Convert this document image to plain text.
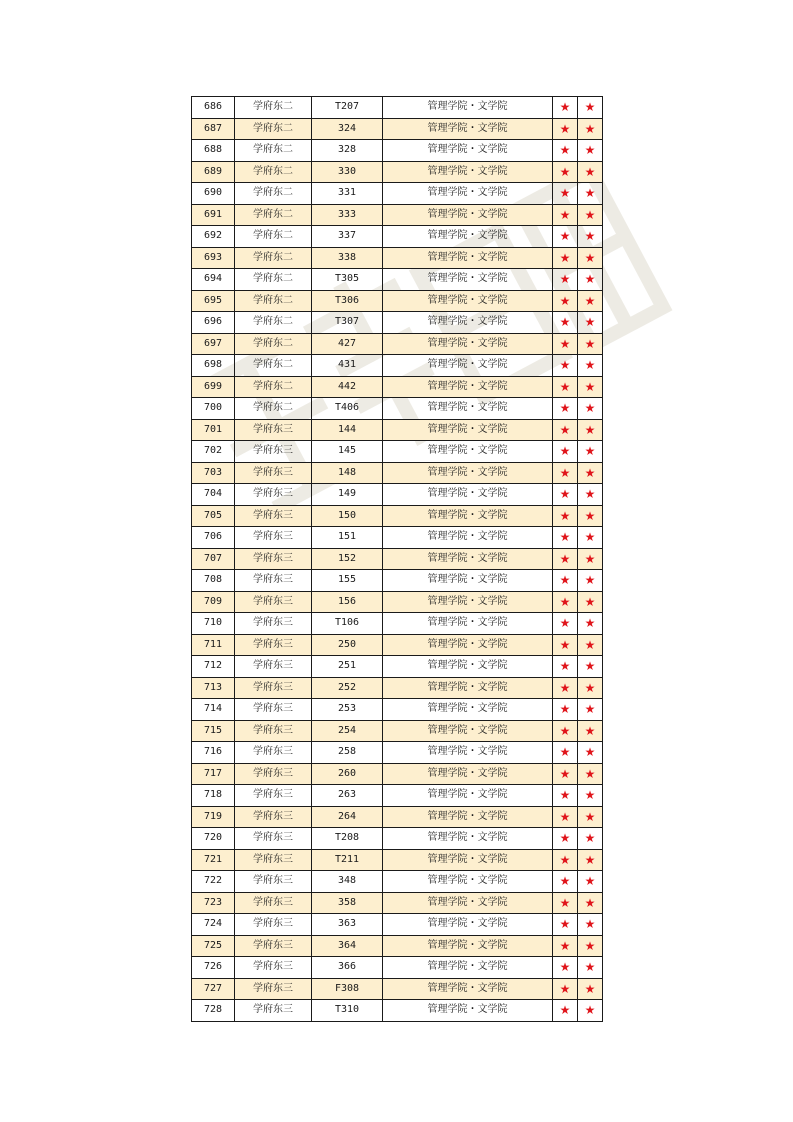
686	学府东二	T207	管理学院・文学院	★	★
687	学府东二	324	管理学院・文学院	★	★
688	学府东二	328	管理学院・文学院	★	★
689	学府东二	330	管理学院・文学院	★	★
690	学府东二	331	管理学院・文学院	★	★
691	学府东二	333	管理学院・文学院	★	★
692	学府东二	337	管理学院・文学院	★	★
693	学府东二	338	管理学院・文学院	★	★
694	学府东二	T305	管理学院・文学院	★	★
695	学府东二	T306	管理学院・文学院	★	★
696	学府东二	T307	管理学院・文学院	★	★
697	学府东二	427	管理学院・文学院	★	★
698	学府东二	431	管理学院・文学院	★	★
699	学府东二	442	管理学院・文学院	★	★
700	学府东二	T406	管理学院・文学院	★	★
701	学府东三	144	管理学院・文学院	★	★
702	学府东三	145	管理学院・文学院	★	★
703	学府东三	148	管理学院・文学院	★	★
704	学府东三	149	管理学院・文学院	★	★
705	学府东三	150	管理学院・文学院	★	★
706	学府东三	151	管理学院・文学院	★	★
707	学府东三	152	管理学院・文学院	★	★
708	学府东三	155	管理学院・文学院	★	★
709	学府东三	156	管理学院・文学院	★	★
710	学府东三	T106	管理学院・文学院	★	★
711	学府东三	250	管理学院・文学院	★	★
712	学府东三	251	管理学院・文学院	★	★
713	学府东三	252	管理学院・文学院	★	★
714	学府东三	253	管理学院・文学院	★	★
715	学府东三	254	管理学院・文学院	★	★
716	学府东三	258	管理学院・文学院	★	★
717	学府东三	260	管理学院・文学院	★	★
718	学府东三	263	管理学院・文学院	★	★
719	学府东三	264	管理学院・文学院	★	★
720	学府东三	T208	管理学院・文学院	★	★
721	学府东三	T211	管理学院・文学院	★	★
722	学府东三	348	管理学院・文学院	★	★
723	学府东三	358	管理学院・文学院	★	★
724	学府东三	363	管理学院・文学院	★	★
725	学府东三	364	管理学院・文学院	★	★
726	学府东三	366	管理学院・文学院	★	★
727	学府东三	F308	管理学院・文学院	★	★
728	学府东三	T310	管理学院・文学院	★	★
